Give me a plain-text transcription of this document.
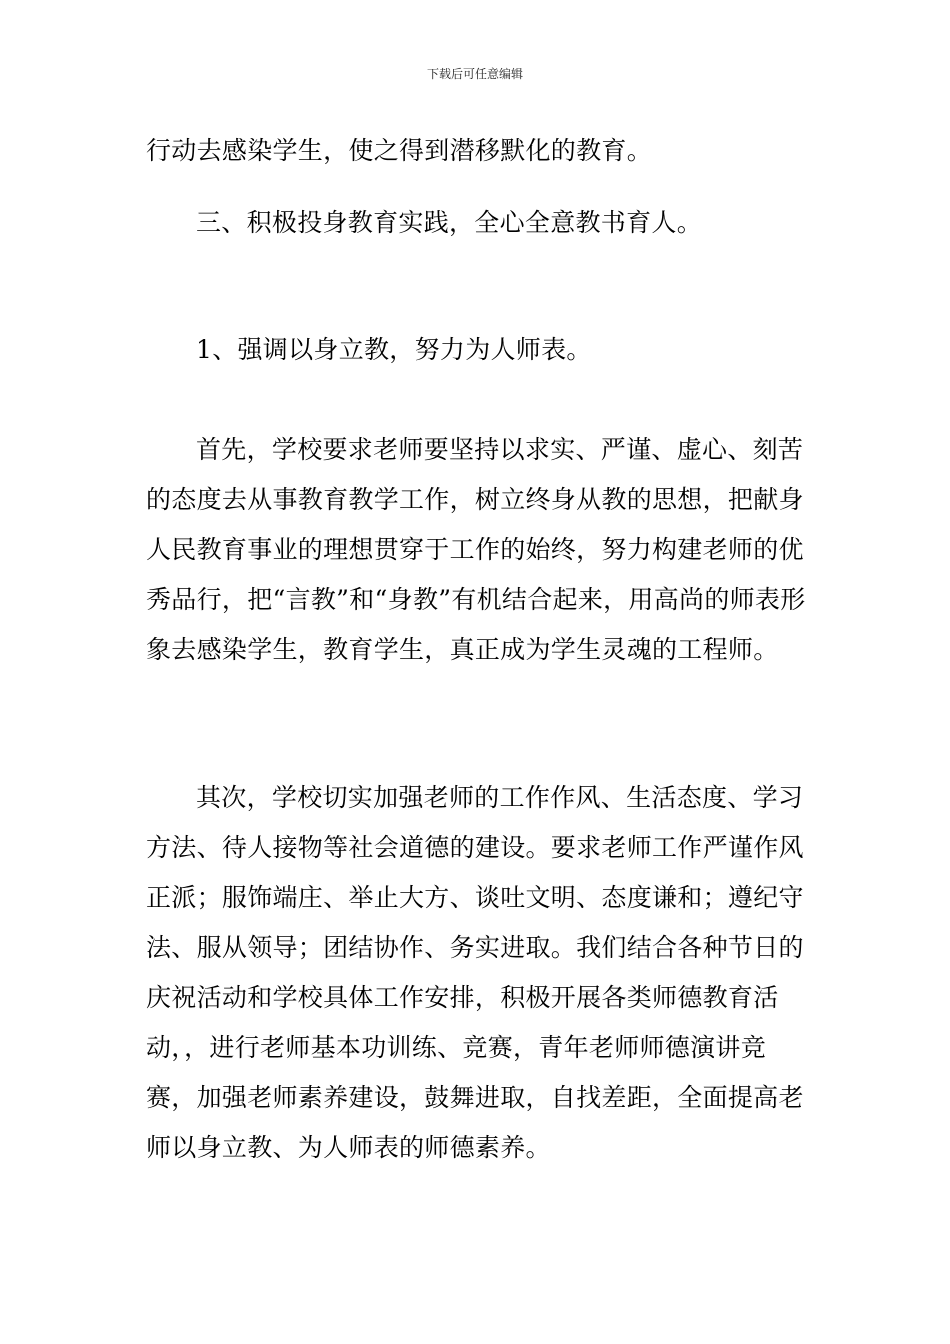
下载后可任意编辑

行动去感染学生，使之得到潜移默化的教育。

三、积极投身教育实践，全心全意教书育人。

1、强调以身立教，努力为人师表。

首先，学校要求老师要坚持以求实、严谨、虚心、刻苦的态度去从事教育教学工作，树立终身从教的思想，把献身人民教育事业的理想贯穿于工作的始终，努力构建老师的优秀品行，把“言教”和“身教”有机结合起来，用高尚的师表形象去感染学生，教育学生，真正成为学生灵魂的工程师。

其次，学校切实加强老师的工作作风、生活态度、学习方法、待人接物等社会道德的建设。要求老师工作严谨作风正派；服饰端庄、举止大方、谈吐文明、态度谦和；遵纪守法、服从领导；团结协作、务实进取。我们结合各种节日的庆祝活动和学校具体工作安排，积极开展各类师德教育活动，，进行老师基本功训练、竞赛，青年老师师德演讲竞赛，加强老师素养建设，鼓舞进取，自找差距，全面提高老师以身立教、为人师表的师德素养。
